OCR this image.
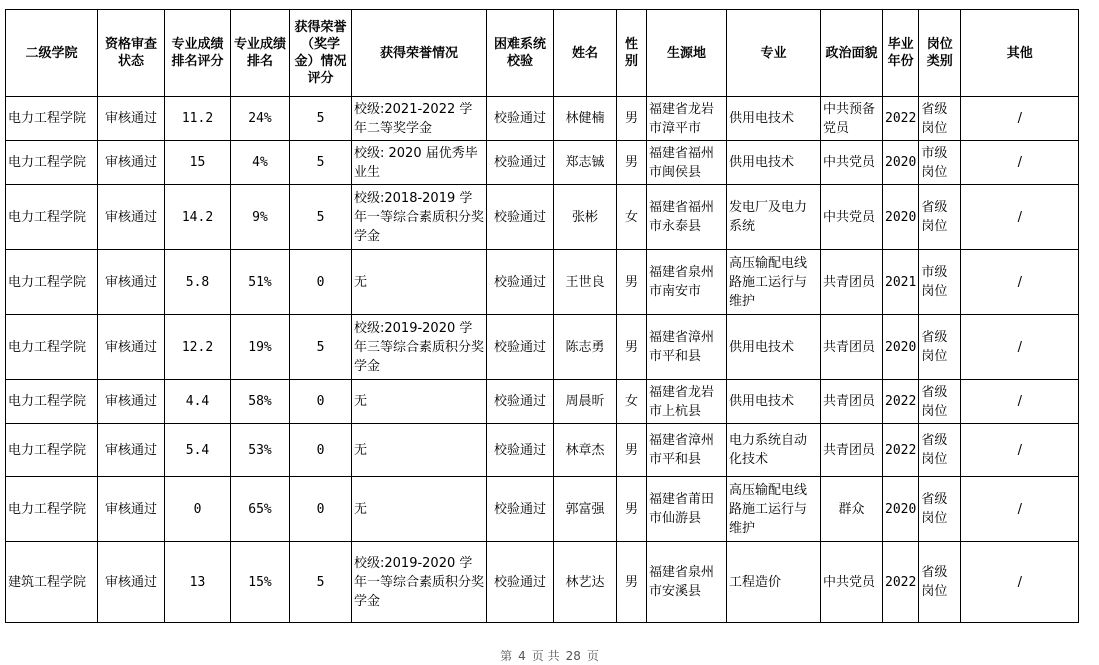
二级学院	资格审查状态	专业成绩排名评分	专业成绩排名	获得荣誉（奖学金）情况评分	获得荣誉情况	困难系统校验	姓名	性别	生源地	专业	政治面貌	毕业年份	岗位类别	其他
电力工程学院	审核通过	11.2	24%	5	校级:2021-2022 学年二等奖学金	校验通过	林健楠	男	福建省龙岩市漳平市	供用电技术	中共预备党员	2022	省级岗位	/
电力工程学院	审核通过	15	4%	5	校级: 2020 届优秀毕业生	校验通过	郑志铖	男	福建省福州市闽侯县	供用电技术	中共党员	2020	市级岗位	/
电力工程学院	审核通过	14.2	9%	5	校级:2018-2019 学年一等综合素质积分奖学金	校验通过	张彬	女	福建省福州市永泰县	发电厂及电力系统	中共党员	2020	省级岗位	/
电力工程学院	审核通过	5.8	51%	0	无	校验通过	王世良	男	福建省泉州市南安市	高压输配电线路施工运行与维护	共青团员	2021	市级岗位	/
电力工程学院	审核通过	12.2	19%	5	校级:2019-2020 学年三等综合素质积分奖学金	校验通过	陈志勇	男	福建省漳州市平和县	供用电技术	共青团员	2020	省级岗位	/
电力工程学院	审核通过	4.4	58%	0	无	校验通过	周晨昕	女	福建省龙岩市上杭县	供用电技术	共青团员	2022	省级岗位	/
电力工程学院	审核通过	5.4	53%	0	无	校验通过	林章杰	男	福建省漳州市平和县	电力系统自动化技术	共青团员	2022	省级岗位	/
电力工程学院	审核通过	0	65%	0	无	校验通过	郭富强	男	福建省莆田市仙游县	高压输配电线路施工运行与维护	群众	2020	省级岗位	/
建筑工程学院	审核通过	13	15%	5	校级:2019-2020 学年一等综合素质积分奖学金	校验通过	林艺达	男	福建省泉州市安溪县	工程造价	中共党员	2022	省级岗位	/
第 4 页 共 28 页
